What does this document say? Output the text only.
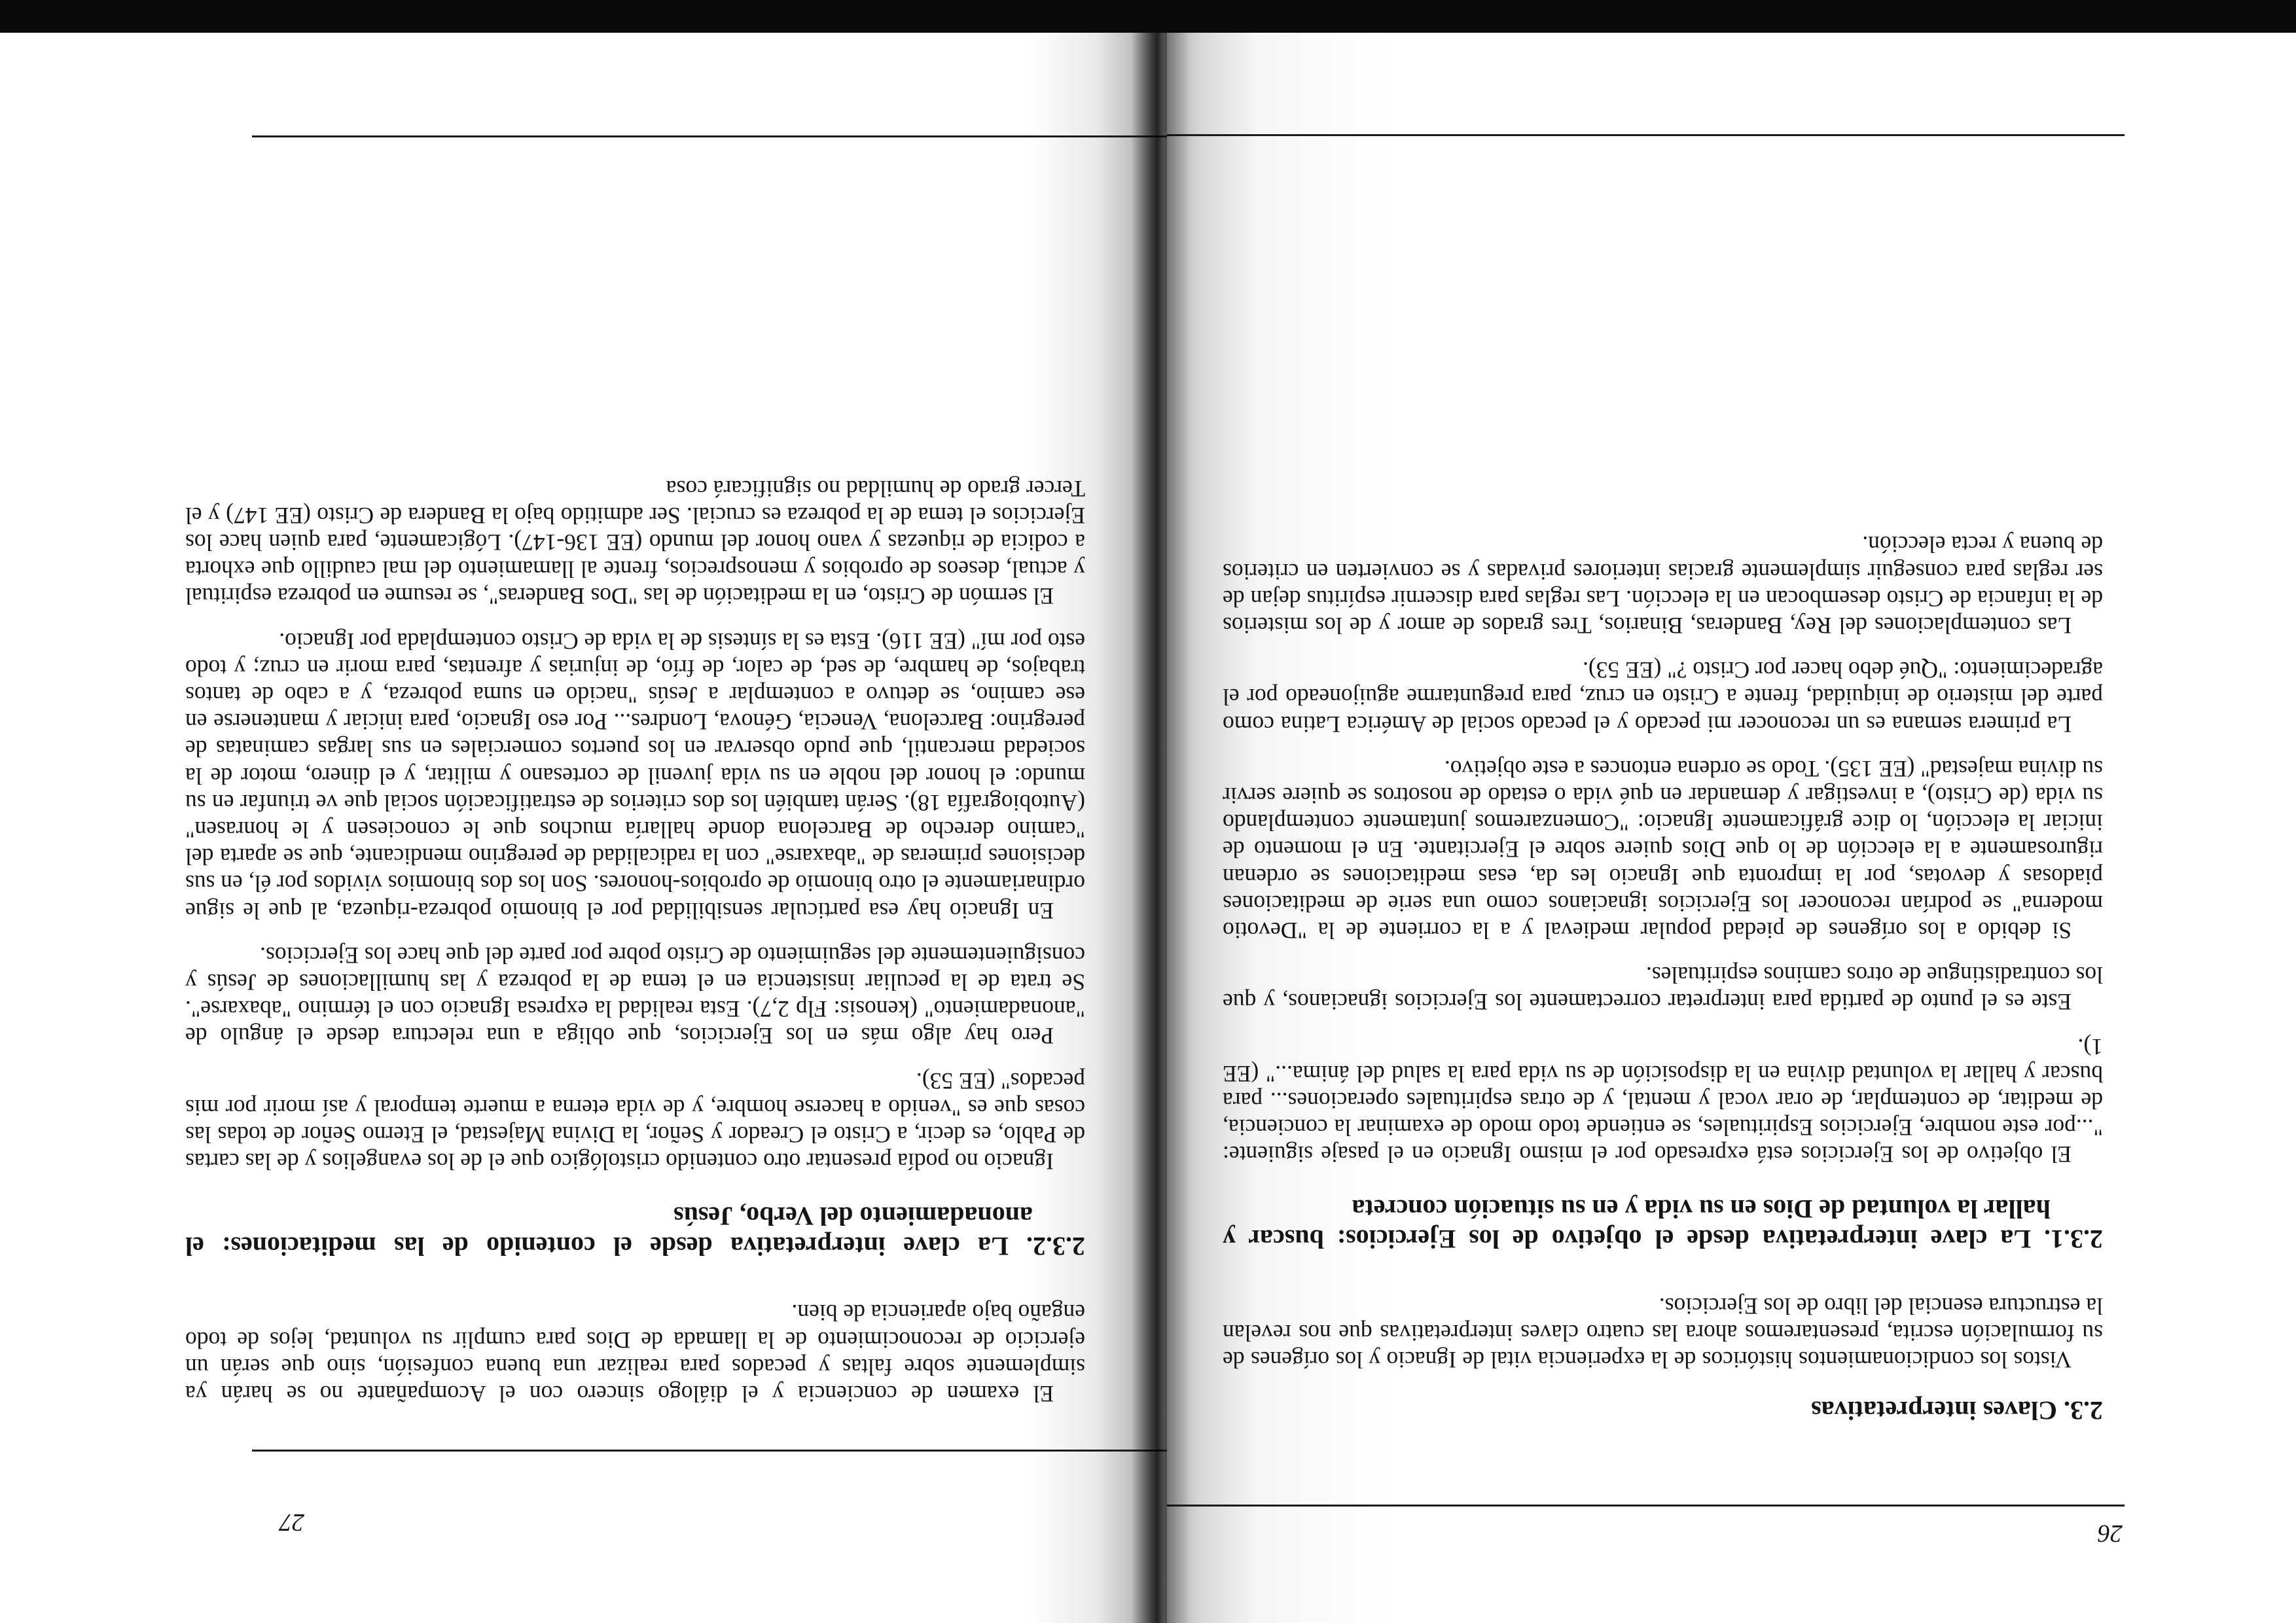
26
2.3. Claves interpretativas

Vistos los condicionamientos históricos de la experiencia vital de Ignacio y los orígenes de su formulación escrita, presentaremos ahora las cuatro claves interpretativas que nos revelan la estructura esencial del libro de los Ejercicios.

2.3.1. La clave interpretativa desde el objetivo de los Ejercicios: buscar y hallar la voluntad de Dios en su vida y en su situación concreta

El objetivo de los Ejercicios está expresado por el mismo Ignacio en el pasaje siguiente: "...por este nombre, Ejercicios Espirituales, se entiende todo modo de examinar la conciencia, de meditar, de contemplar, de orar vocal y mental, y de otras espirituales operaciones... para buscar y hallar la voluntad divina en la disposición de su vida para la salud del ánima..." (EE 1).

Este es el punto de partida para interpretar correctamente los Ejercicios ignacianos, y que los contradistingue de otros caminos espirituales.

Si debido a los orígenes de piedad popular medieval y a la corriente de la "Devotio moderna" se podrían reconocer los Ejercicios ignacianos como una serie de meditaciones piadosas y devotas, por la impronta que Ignacio les da, esas meditaciones se ordenan rigurosamente a la elección de lo que Dios quiere sobre el Ejercitante. En el momento de iniciar la elección, lo dice gráficamente Ignacio: "Comenzaremos juntamente contemplando su vida (de Cristo), a investigar y demandar en qué vida o estado de nosotros se quiere servir su divina majestad" (EE 135). Todo se ordena entonces a este objetivo.

La primera semana es un reconocer mi pecado y el pecado social de América Latina como parte del misterio de iniquidad, frente a Cristo en cruz, para preguntarme aguijoneado por el agradecimiento: "Qué debo hacer por Cristo ?" (EE 53).

Las contemplaciones del Rey, Banderas, Binarios, Tres grados de amor y de los misterios de la infancia de Cristo desembocan en la elección. Las reglas para discernir espíritus dejan de ser reglas para conseguir simplemente gracias interiores privadas y se convierten en criterios de buena y recta elección.

27

El examen de conciencia y el diálogo sincero con el Acompañante no se harán ya simplemente sobre faltas y pecados para realizar una buena confesión, sino que serán un ejercicio de reconocimiento de la llamada de Dios para cumplir su voluntad, lejos de todo engaño bajo apariencia de bien.

2.3.2. La clave interpretativa desde el contenido de las meditaciones: el anonadamiento del Verbo, Jesús

Ignacio no podía presentar otro contenido cristológico que el de los evangelios y de las cartas de Pablo, es decir, a Cristo el Creador y Señor, la Divina Majestad, el Eterno Señor de todas las cosas que es "venido a hacerse hombre, y de vida eterna a muerte temporal y así morir por mis pecados" (EE 53).

Pero hay algo más en los Ejercicios, que obliga a una relectura desde el ángulo de "anonadamiento" (kenosis: Flp 2,7). Esta realidad la expresa Ignacio con el término "abaxarse". Se trata de la peculiar insistencia en el tema de la pobreza y las humillaciones de Jesús y consiguientemente del seguimiento de Cristo pobre por parte del que hace los Ejercicios.

En Ignacio hay esa particular sensibilidad por el binomio pobreza-riqueza, al que le sigue ordinariamente el otro binomio de oprobios-honores. Son los dos binomios vividos por él, en sus decisiones primeras de "abaxarse" con la radicalidad de peregrino mendicante, que se aparta del "camino derecho de Barcelona donde hallaría muchos que le conociesen y le honrasen" (Autobiografía 18). Serán también los dos criterios de estratificación social que ve triunfar en su mundo: el honor del noble en su vida juvenil de cortesano y militar, y el dinero, motor de la sociedad mercantil, que pudo observar en los puertos comerciales en sus largas caminatas de peregrino: Barcelona, Venecia, Génova, Londres... Por eso Ignacio, para iniciar y mantenerse en ese camino, se detuvo a contemplar a Jesús "nacido en suma pobreza, y a cabo de tantos trabajos, de hambre, de sed, de calor, de frío, de injurias y afrentas, para morir en cruz; y todo esto por mí" (EE 116). Esta es la síntesis de la vida de Cristo contemplada por Ignacio.

El sermón de Cristo, en la meditación de las "Dos Banderas", se resume en pobreza espiritual y actual, deseos de oprobios y menosprecios, frente al llamamiento del mal caudillo que exhorta a codicia de riquezas y vano honor del mundo (EE 136-147). Lógicamente, para quien hace los Ejercicios el tema de la pobreza es crucial. Ser admitido bajo la Bandera de Cristo (EE 147) y el Tercer grado de humildad no significará cosa
